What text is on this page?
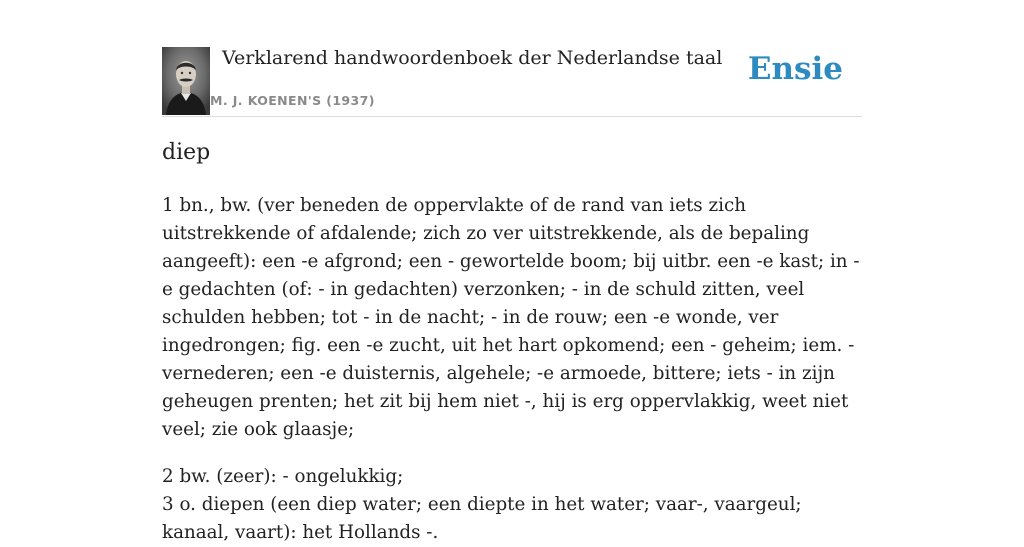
Verklarend handwoordenboek der Nederlandse taal
M. J. KOENEN'S (1937)
Ensie
diep

1 bn., bw. (ver beneden de oppervlakte of de rand van iets zich uitstrekkende of afdalende; zich zo ver uitstrekkende, als de bepaling aangeeft): een -e afgrond; een - gewortelde boom; bij uitbr. een -e kast; in -e gedachten (of: - in gedachten) verzonken; - in de schuld zitten, veel schulden hebben; tot - in de nacht; - in de rouw; een -e wonde, ver ingedrongen; fig. een -e zucht, uit het hart opkomend; een - geheim; iem. - vernederen; een -e duisternis, algehele; -e armoede, bittere; iets - in zijn geheugen prenten; het zit bij hem niet -, hij is erg oppervlakkig, weet niet veel; zie ook glaasje;

2 bw. (zeer): - ongelukkig;

3 o. diepen (een diep water; een diepte in het water; vaar-, vaargeul; kanaal, vaart): het Hollands -.
